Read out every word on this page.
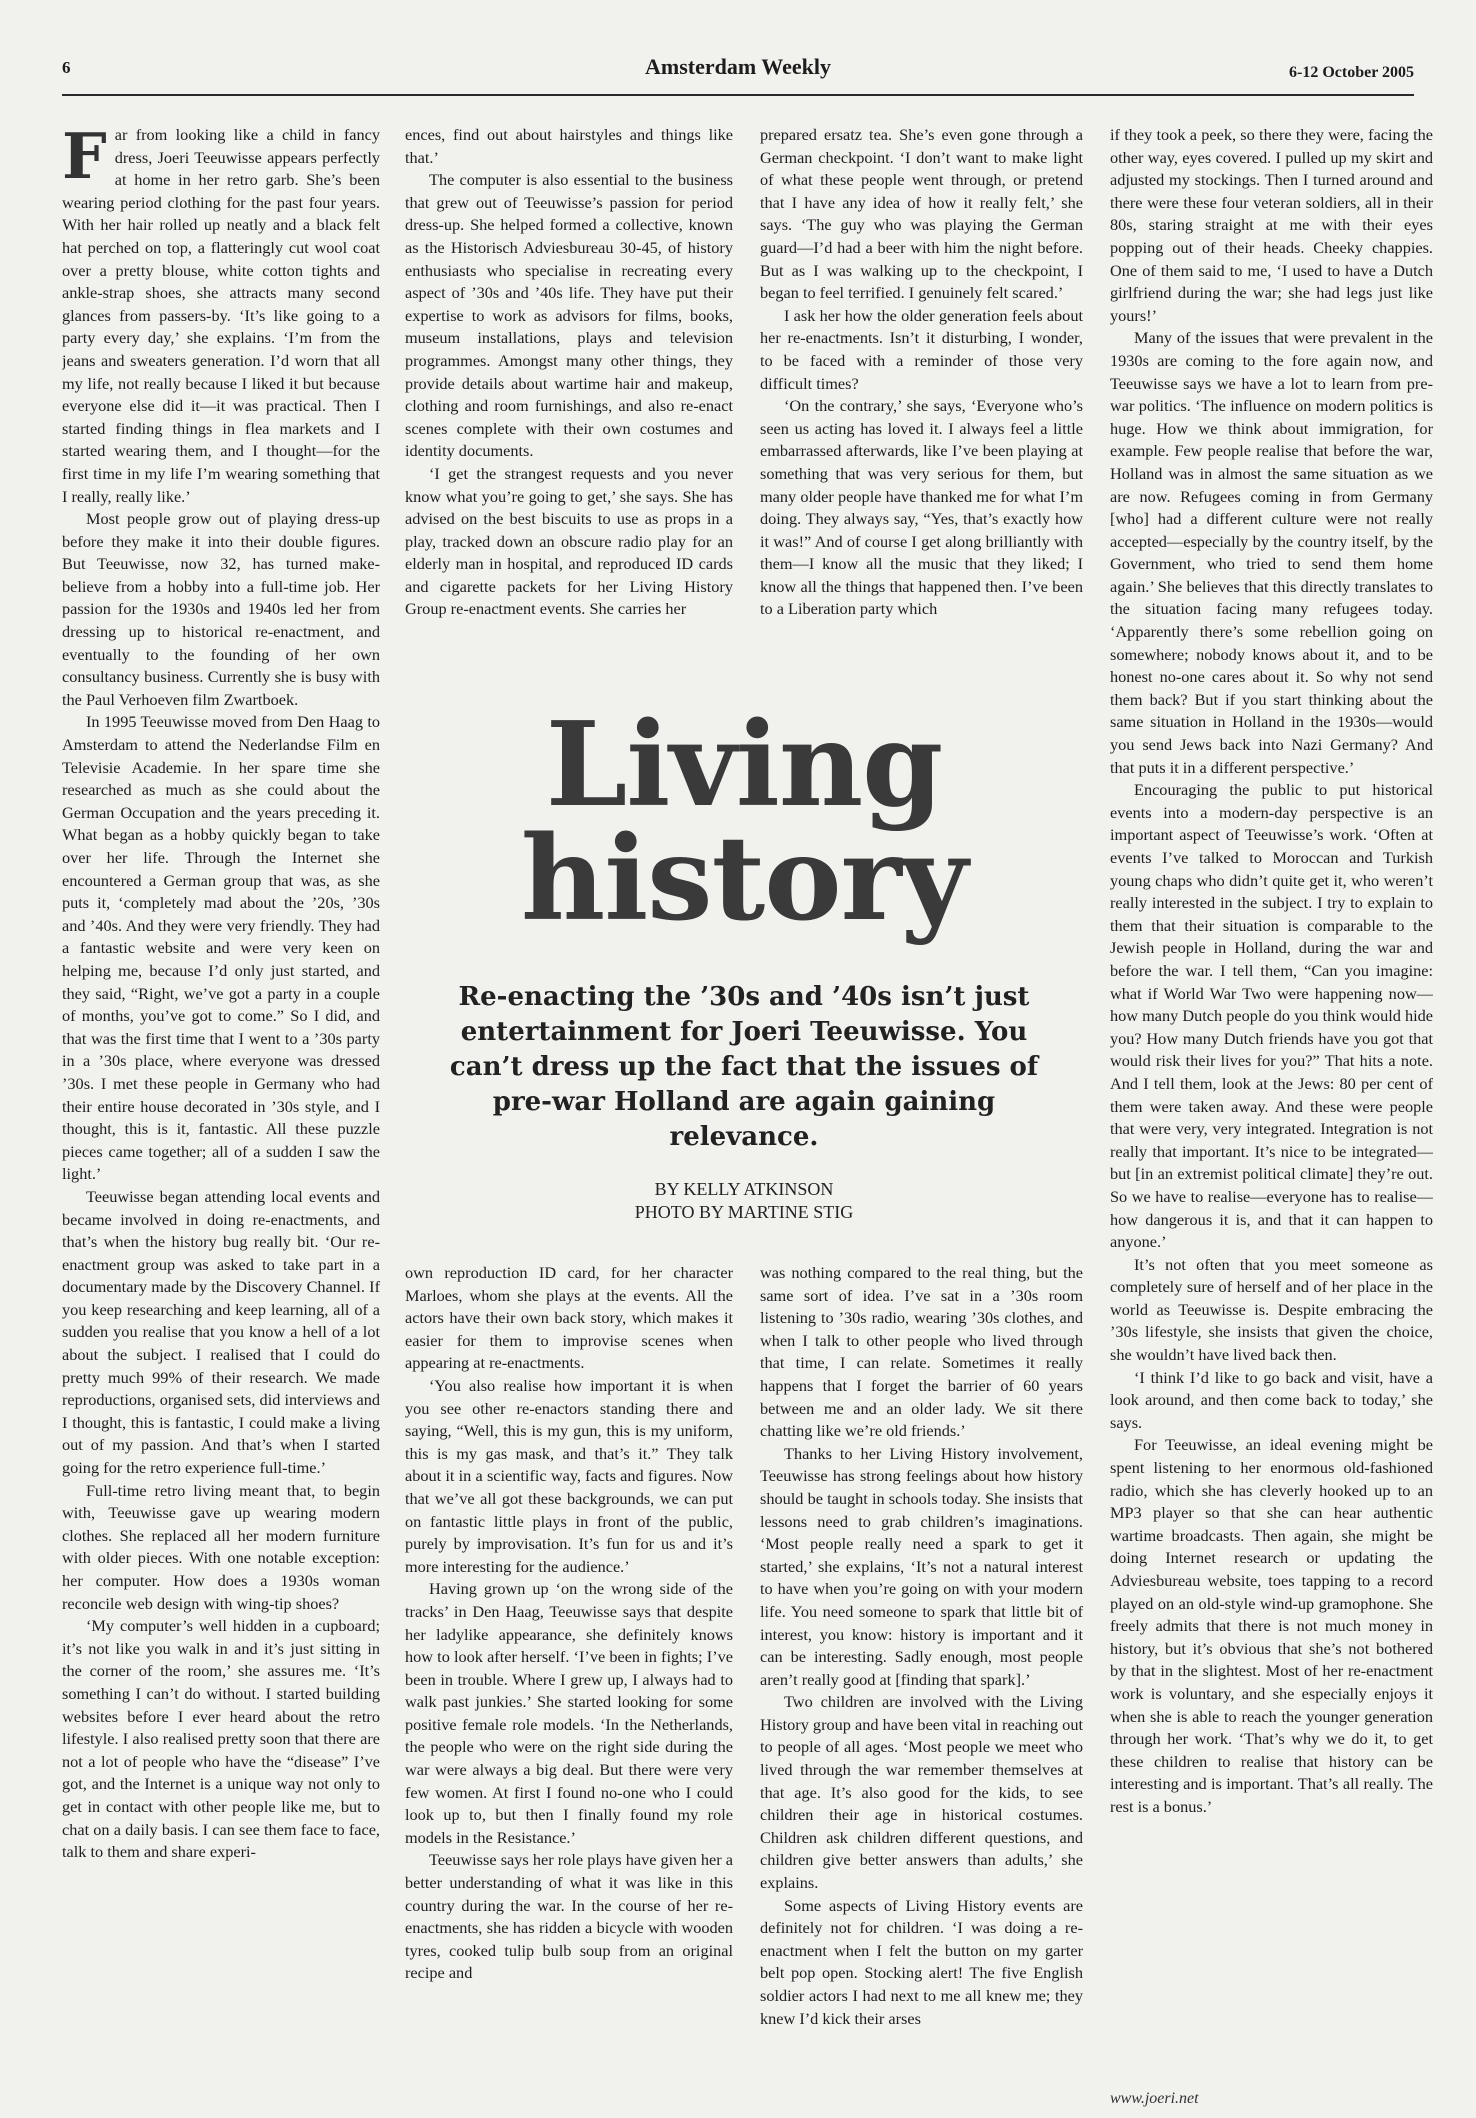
6	Amsterdam Weekly	6-12 October 2005

Far from looking like a child in fancy dress, Joeri Teeuwisse appears perfectly at home in her retro garb. She’s been wearing period clothing for the past four years. With her hair rolled up neatly and a black felt hat perched on top, a flatteringly cut wool coat over a pretty blouse, white cotton tights and ankle-strap shoes, she attracts many second glances from passers-by. ‘It’s like going to a party every day,’ she explains. ‘I’m from the jeans and sweaters generation. I’d worn that all my life, not really because I liked it but because everyone else did it—it was practical. Then I started finding things in flea markets and I started wearing them, and I thought—for the first time in my life I’m wearing something that I really, really like.’

Most people grow out of playing dress-up before they make it into their double figures. But Teeuwisse, now 32, has turned make-believe from a hobby into a full-time job. Her passion for the 1930s and 1940s led her from dressing up to historical re-enactment, and eventually to the founding of her own consultancy business. Currently she is busy with the Paul Verhoeven film Zwartboek.

In 1995 Teeuwisse moved from Den Haag to Amsterdam to attend the Nederlandse Film en Televisie Academie. In her spare time she researched as much as she could about the German Occupation and the years preceding it. What began as a hobby quickly began to take over her life. Through the Internet she encountered a German group that was, as she puts it, ‘completely mad about the ’20s, ’30s and ’40s. And they were very friendly. They had a fantastic website and were very keen on helping me, because I’d only just started, and they said, “Right, we’ve got a party in a couple of months, you’ve got to come.” So I did, and that was the first time that I went to a ’30s party in a ’30s place, where everyone was dressed ’30s. I met these people in Germany who had their entire house decorated in ’30s style, and I thought, this is it, fantastic. All these puzzle pieces came together; all of a sudden I saw the light.’

Teeuwisse began attending local events and became involved in doing re-enactments, and that’s when the history bug really bit. ‘Our re-enactment group was asked to take part in a documentary made by the Discovery Channel. If you keep researching and keep learning, all of a sudden you realise that you know a hell of a lot about the subject. I realised that I could do pretty much 99% of their research. We made reproductions, organised sets, did interviews and I thought, this is fantastic, I could make a living out of my passion. And that’s when I started going for the retro experience full-time.’

Full-time retro living meant that, to begin with, Teeuwisse gave up wearing modern clothes. She replaced all her modern furniture with older pieces. With one notable exception: her computer. How does a 1930s woman reconcile web design with wing-tip shoes?

‘My computer’s well hidden in a cupboard; it’s not like you walk in and it’s just sitting in the corner of the room,’ she assures me. ‘It’s something I can’t do without. I started building websites before I ever heard about the retro lifestyle. I also realised pretty soon that there are not a lot of people who have the “disease” I’ve got, and the Internet is a unique way not only to get in contact with other people like me, but to chat on a daily basis. I can see them face to face, talk to them and share experi-

ences, find out about hairstyles and things like that.’

The computer is also essential to the business that grew out of Teeuwisse’s passion for period dress-up. She helped formed a collective, known as the Historisch Adviesbureau 30-45, of history enthusiasts who specialise in recreating every aspect of ’30s and ’40s life. They have put their expertise to work as advisors for films, books, museum installations, plays and television programmes. Amongst many other things, they provide details about wartime hair and makeup, clothing and room furnishings, and also re-enact scenes complete with their own costumes and identity documents.

‘I get the strangest requests and you never know what you’re going to get,’ she says. She has advised on the best biscuits to use as props in a play, tracked down an obscure radio play for an elderly man in hospital, and reproduced ID cards and cigarette packets for her Living History Group re-enactment events. She carries her

prepared ersatz tea. She’s even gone through a German checkpoint. ‘I don’t want to make light of what these people went through, or pretend that I have any idea of how it really felt,’ she says. ‘The guy who was playing the German guard—I’d had a beer with him the night before. But as I was walking up to the checkpoint, I began to feel terrified. I genuinely felt scared.’

I ask her how the older generation feels about her re-enactments. Isn’t it disturbing, I wonder, to be faced with a reminder of those very difficult times?

‘On the contrary,’ she says, ‘Everyone who’s seen us acting has loved it. I always feel a little embarrassed afterwards, like I’ve been playing at something that was very serious for them, but many older people have thanked me for what I’m doing. They always say, “Yes, that’s exactly how it was!” And of course I get along brilliantly with them—I know all the music that they liked; I know all the things that happened then. I’ve been to a Liberation party which

Living
history
Re-enacting the ’30s and ’40s isn’t just entertainment for Joeri Teeuwisse. You can’t dress up the fact that the issues of pre-war Holland are again gaining relevance.
BY KELLY ATKINSON
PHOTO BY MARTINE STIG

own reproduction ID card, for her character Marloes, whom she plays at the events. All the actors have their own back story, which makes it easier for them to improvise scenes when appearing at re-enactments.

‘You also realise how important it is when you see other re-enactors standing there and saying, “Well, this is my gun, this is my uniform, this is my gas mask, and that’s it.” They talk about it in a scientific way, facts and figures. Now that we’ve all got these backgrounds, we can put on fantastic little plays in front of the public, purely by improvisation. It’s fun for us and it’s more interesting for the audience.’

Having grown up ‘on the wrong side of the tracks’ in Den Haag, Teeuwisse says that despite her ladylike appearance, she definitely knows how to look after herself. ‘I’ve been in fights; I’ve been in trouble. Where I grew up, I always had to walk past junkies.’ She started looking for some positive female role models. ‘In the Netherlands, the people who were on the right side during the war were always a big deal. But there were very few women. At first I found no-one who I could look up to, but then I finally found my role models in the Resistance.’

Teeuwisse says her role plays have given her a better understanding of what it was like in this country during the war. In the course of her re-enactments, she has ridden a bicycle with wooden tyres, cooked tulip bulb soup from an original recipe and

was nothing compared to the real thing, but the same sort of idea. I’ve sat in a ’30s room listening to ’30s radio, wearing ’30s clothes, and when I talk to other people who lived through that time, I can relate. Sometimes it really happens that I forget the barrier of 60 years between me and an older lady. We sit there chatting like we’re old friends.’

Thanks to her Living History involvement, Teeuwisse has strong feelings about how history should be taught in schools today. She insists that lessons need to grab children’s imaginations. ‘Most people really need a spark to get it started,’ she explains, ‘It’s not a natural interest to have when you’re going on with your modern life. You need someone to spark that little bit of interest, you know: history is important and it can be interesting. Sadly enough, most people aren’t really good at [finding that spark].’

Two children are involved with the Living History group and have been vital in reaching out to people of all ages. ‘Most people we meet who lived through the war remember themselves at that age. It’s also good for the kids, to see children their age in historical costumes. Children ask children different questions, and children give better answers than adults,’ she explains.

Some aspects of Living History events are definitely not for children. ‘I was doing a re-enactment when I felt the button on my garter belt pop open. Stocking alert! The five English soldier actors I had next to me all knew me; they knew I’d kick their arses

if they took a peek, so there they were, facing the other way, eyes covered. I pulled up my skirt and adjusted my stockings. Then I turned around and there were these four veteran soldiers, all in their 80s, staring straight at me with their eyes popping out of their heads. Cheeky chappies. One of them said to me, ‘I used to have a Dutch girlfriend during the war; she had legs just like yours!’

Many of the issues that were prevalent in the 1930s are coming to the fore again now, and Teeuwisse says we have a lot to learn from pre-war politics. ‘The influence on modern politics is huge. How we think about immigration, for example. Few people realise that before the war, Holland was in almost the same situation as we are now. Refugees coming in from Germany [who] had a different culture were not really accepted—especially by the country itself, by the Government, who tried to send them home again.’ She believes that this directly translates to the situation facing many refugees today. ‘Apparently there’s some rebellion going on somewhere; nobody knows about it, and to be honest no-one cares about it. So why not send them back? But if you start thinking about the same situation in Holland in the 1930s—would you send Jews back into Nazi Germany? And that puts it in a different perspective.’

Encouraging the public to put historical events into a modern-day perspective is an important aspect of Teeuwisse’s work. ‘Often at events I’ve talked to Moroccan and Turkish young chaps who didn’t quite get it, who weren’t really interested in the subject. I try to explain to them that their situation is comparable to the Jewish people in Holland, during the war and before the war. I tell them, “Can you imagine: what if World War Two were happening now—how many Dutch people do you think would hide you? How many Dutch friends have you got that would risk their lives for you?” That hits a note. And I tell them, look at the Jews: 80 per cent of them were taken away. And these were people that were very, very integrated. Integration is not really that important. It’s nice to be integrated—but [in an extremist political climate] they’re out. So we have to realise—everyone has to realise—how dangerous it is, and that it can happen to anyone.’

It’s not often that you meet someone as completely sure of herself and of her place in the world as Teeuwisse is. Despite embracing the ’30s lifestyle, she insists that given the choice, she wouldn’t have lived back then.

‘I think I’d like to go back and visit, have a look around, and then come back to today,’ she says.

For Teeuwisse, an ideal evening might be spent listening to her enormous old-fashioned radio, which she has cleverly hooked up to an MP3 player so that she can hear authentic wartime broadcasts. Then again, she might be doing Internet research or updating the Adviesbureau website, toes tapping to a record played on an old-style wind-up gramophone. She freely admits that there is not much money in history, but it’s obvious that she’s not bothered by that in the slightest. Most of her re-enactment work is voluntary, and she especially enjoys it when she is able to reach the younger generation through her work. ‘That’s why we do it, to get these children to realise that history can be interesting and is important. That’s all really. The rest is a bonus.’

www.joeri.net
